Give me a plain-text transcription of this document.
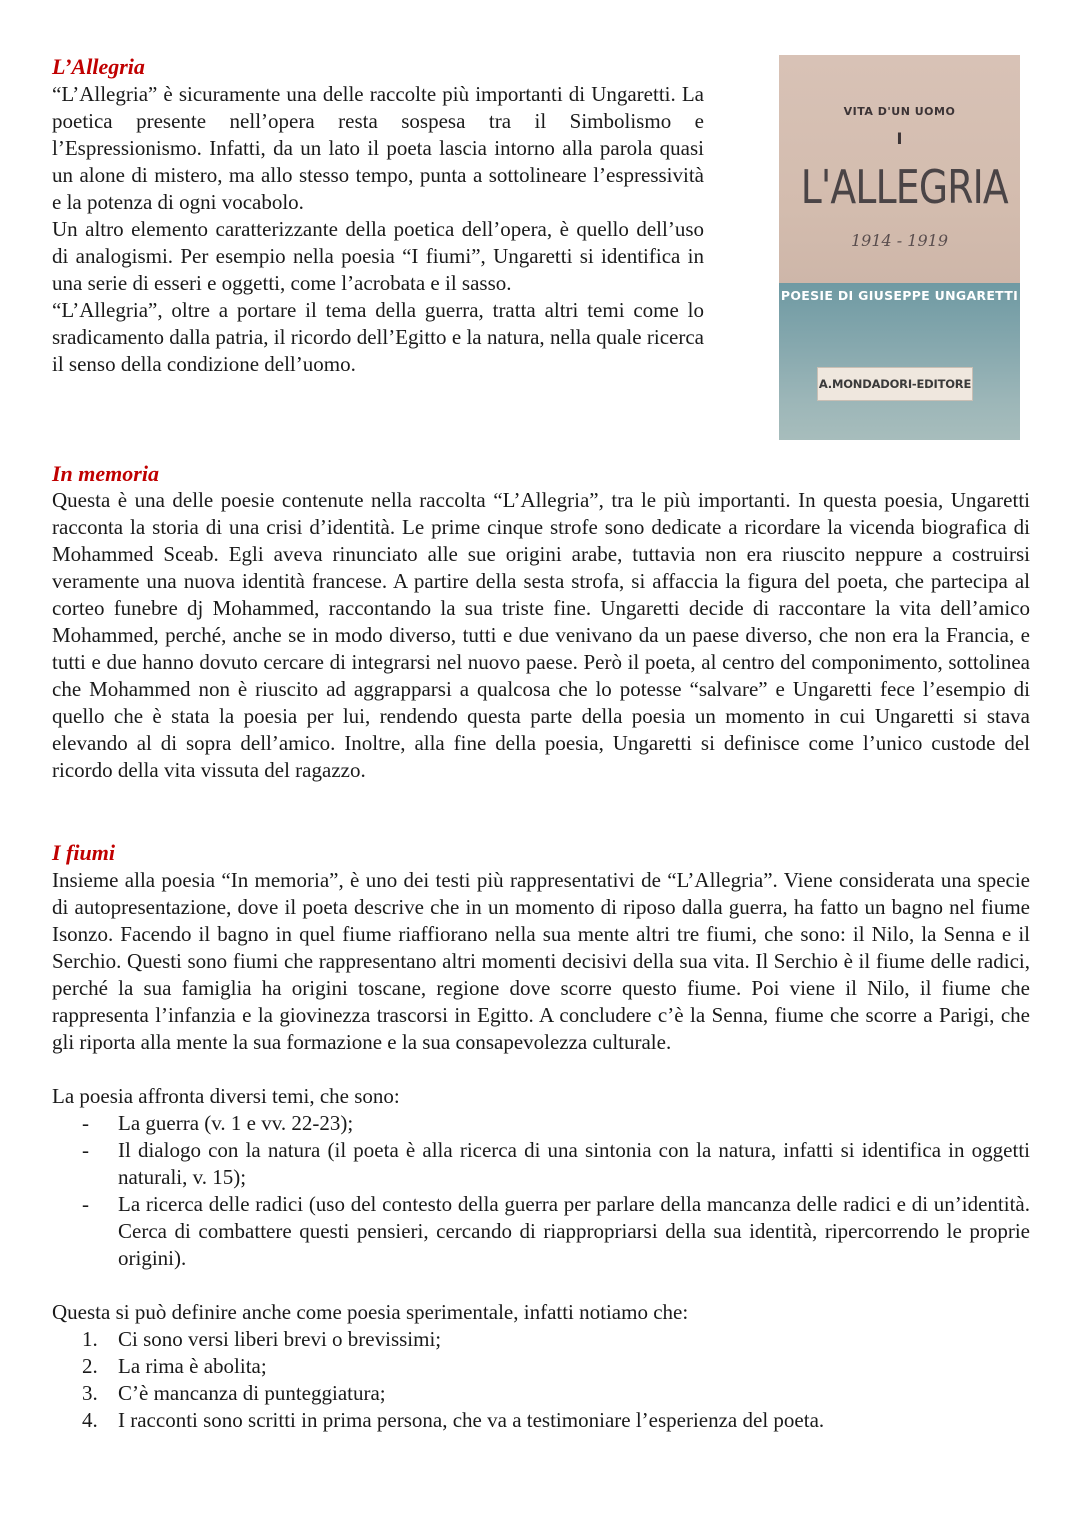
L’Allegria

“L’Allegria” è sicuramente una delle raccolte più importanti di Ungaretti. La poetica presente nell’opera resta sospesa tra il Simbolismo e l’Espressionismo. Infatti, da un lato il poeta lascia intorno alla parola quasi un alone di mistero, ma allo stesso tempo, punta a sottolineare l’espressività e la potenza di ogni vocabolo.

Un altro elemento caratterizzante della poetica dell’opera, è quello dell’uso di analogismi. Per esempio nella poesia “I fiumi”, Ungaretti si identifica in una serie di esseri e oggetti, come l’acrobata e il sasso.

“L’Allegria”, oltre a portare il tema della guerra, tratta altri temi come lo sradicamento dalla patria, il ricordo dell’Egitto e la natura, nella quale ricerca il senso della condizione dell’uomo.

VITA D'UN UOMO
I
L'ALLEGRIA
1914 - 1919
POESIE DI GIUSEPPE UNGARETTI
A.MONDADORI-EDITORE
In memoria

Questa è una delle poesie contenute nella raccolta “L’Allegria”, tra le più importanti. In questa poesia, Ungaretti racconta la storia di una crisi d’identità. Le prime cinque strofe sono dedicate a ricordare la vicenda biografica di Mohammed Sceab. Egli aveva rinunciato alle sue origini arabe, tuttavia non era riuscito neppure a costruirsi veramente una nuova identità francese. A partire della sesta strofa, si affaccia la figura del poeta, che partecipa al corteo funebre dj Mohammed, raccontando la sua triste fine. Ungaretti decide di raccontare la vita dell’amico Mohammed, perché, anche se in modo diverso, tutti e due venivano da un paese diverso, che non era la Francia, e tutti e due hanno dovuto cercare di integrarsi nel nuovo paese. Però il poeta, al centro del componimento, sottolinea che Mohammed non è riuscito ad aggrapparsi a qualcosa che lo potesse “salvare” e Ungaretti fece l’esempio di quello che è stata la poesia per lui, rendendo questa parte della poesia un momento in cui Ungaretti si stava elevando al di sopra dell’amico. Inoltre, alla fine della poesia, Ungaretti si definisce come l’unico custode del ricordo della vita vissuta del ragazzo.

I fiumi

Insieme alla poesia “In memoria”, è uno dei testi più rappresentativi de “L’Allegria”. Viene considerata una specie di autopresentazione, dove il poeta descrive che in un momento di riposo dalla guerra, ha fatto un bagno nel fiume Isonzo. Facendo il bagno in quel fiume riaffiorano nella sua mente altri tre fiumi, che sono: il Nilo, la Senna e il Serchio. Questi sono fiumi che rappresentano altri momenti decisivi della sua vita. Il Serchio è il fiume delle radici, perché la sua famiglia ha origini toscane, regione dove scorre questo fiume. Poi viene il Nilo, il fiume che rappresenta l’infanzia e la giovinezza trascorsi in Egitto. A concludere c’è la Senna, fiume che scorre a Parigi, che gli riporta alla mente la sua formazione e la sua consapevolezza culturale.

La poesia affronta diversi temi, che sono:

- La guerra (v. 1 e vv. 22-23);
- Il dialogo con la natura (il poeta è alla ricerca di una sintonia con la natura, infatti si identifica in oggetti naturali, v. 15);
- La ricerca delle radici (uso del contesto della guerra per parlare della mancanza delle radici e di un’identità. Cerca di combattere questi pensieri, cercando di riappropriarsi della sua identità, ripercorrendo le proprie origini).

Questa si può definire anche come poesia sperimentale, infatti notiamo che:

1. Ci sono versi liberi brevi o brevissimi;
2. La rima è abolita;
3. C’è mancanza di punteggiatura;
4. I racconti sono scritti in prima persona, che va a testimoniare l’esperienza del poeta.
